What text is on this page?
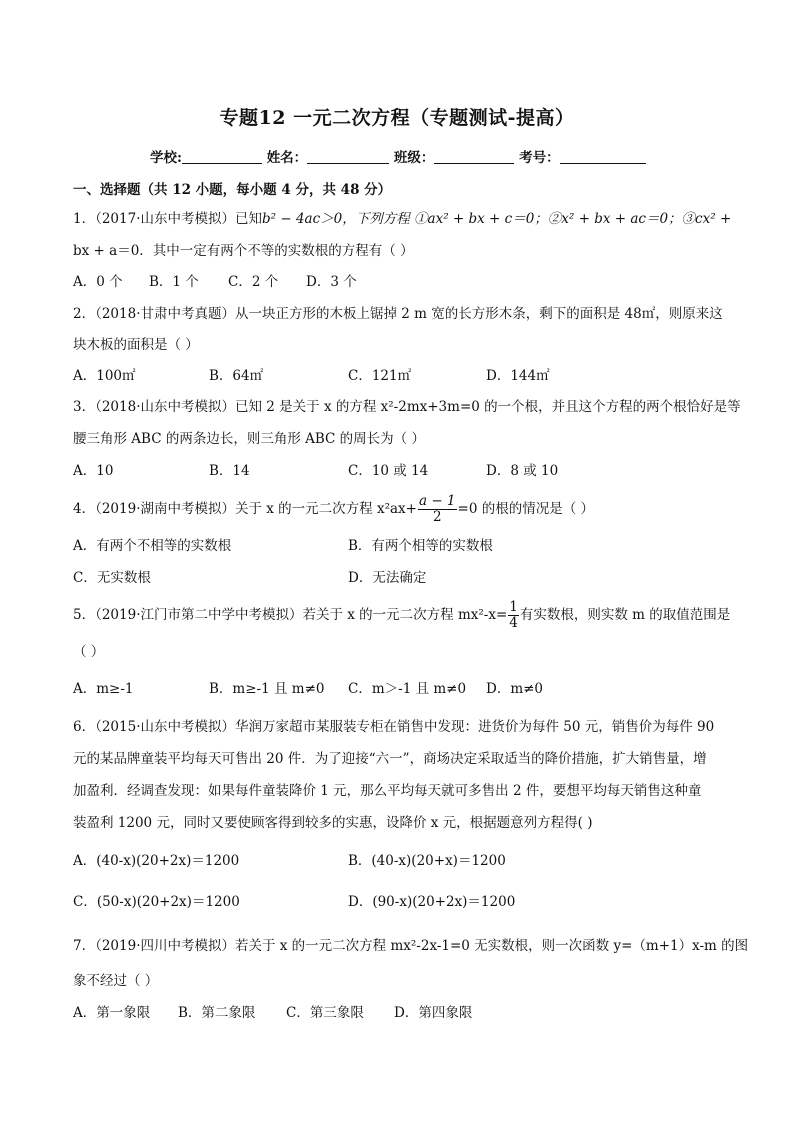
专题12 一元二次方程（专题测试-提高）
学校:	姓名：	班级：	考号：
一、选择题（共 12 小题，每小题 4 分，共 48 分）
1．（2017·山东中考模拟）已知b² − 4ac＞0，下列方程 ①ax² + bx + c＝0；②x² + bx + ac＝0；③cx² +
bx + a＝0．其中一定有两个不等的实数根的方程有（ ）
A．0 个 B．1 个 C．2 个 D．3 个
2．（2018·甘肃中考真题）从一块正方形的木板上锯掉 2 m 宽的长方形木条，剩下的面积是 48㎡，则原来这
块木板的面积是（ ）
A．100㎡	B．64㎡	C．121㎡	D．144㎡
3．（2018·山东中考模拟）已知 2 是关于 x 的方程 x²-2mx+3m=0 的一个根，并且这个方程的两个根恰好是等
腰三角形 ABC 的两条边长，则三角形 ABC 的周长为（ ）
A．10	B．14	C．10 或 14	D．8 或 10
4．（2019·湖南中考模拟）关于 x 的一元二次方程 $x^2ax+ \frac{a - 1}{2} =0$ 的根的情况是（ ）
A．有两个不相等的实数根	B．有两个相等的实数根
C．无实数根	D．无法确定
5．（2019·江门市第二中学中考模拟）若关于 x 的一元二次方程 $mx^2-x= \frac{1}{4}$ 有实数根，则实数 m 的取值范围是
（ ）
A．m≥-1	B．m≥-1 且 m≠0 C．m＞-1 且 m≠0 D．m≠0
6．（2015·山东中考模拟）华润万家超市某服装专柜在销售中发现：进货价为每件 50 元，销售价为每件 90
元的某品牌童装平均每天可售出 20 件．为了迎接“六一”，商场决定采取适当的降价措施，扩大销售量，增
加盈利．经调查发现：如果每件童装降价 1 元，那么平均每天就可多售出 2 件，要想平均每天销售这种童
装盈利 1200 元，同时又要使顾客得到较多的实惠，设降价 x 元，根据题意列方程得( )
A．(40-x)(20+2x)＝1200	B．(40-x)(20+x)＝1200
C．(50-x)(20+2x)＝1200	D．(90-x)(20+2x)＝1200
7．（2019·四川中考模拟）若关于 x 的一元二次方程 mx²-2x-1=0 无实数根，则一次函数 y=（m+1）x-m 的图
象不经过（ ）
A．第一象限 B．第二象限 C．第三象限 D．第四象限
